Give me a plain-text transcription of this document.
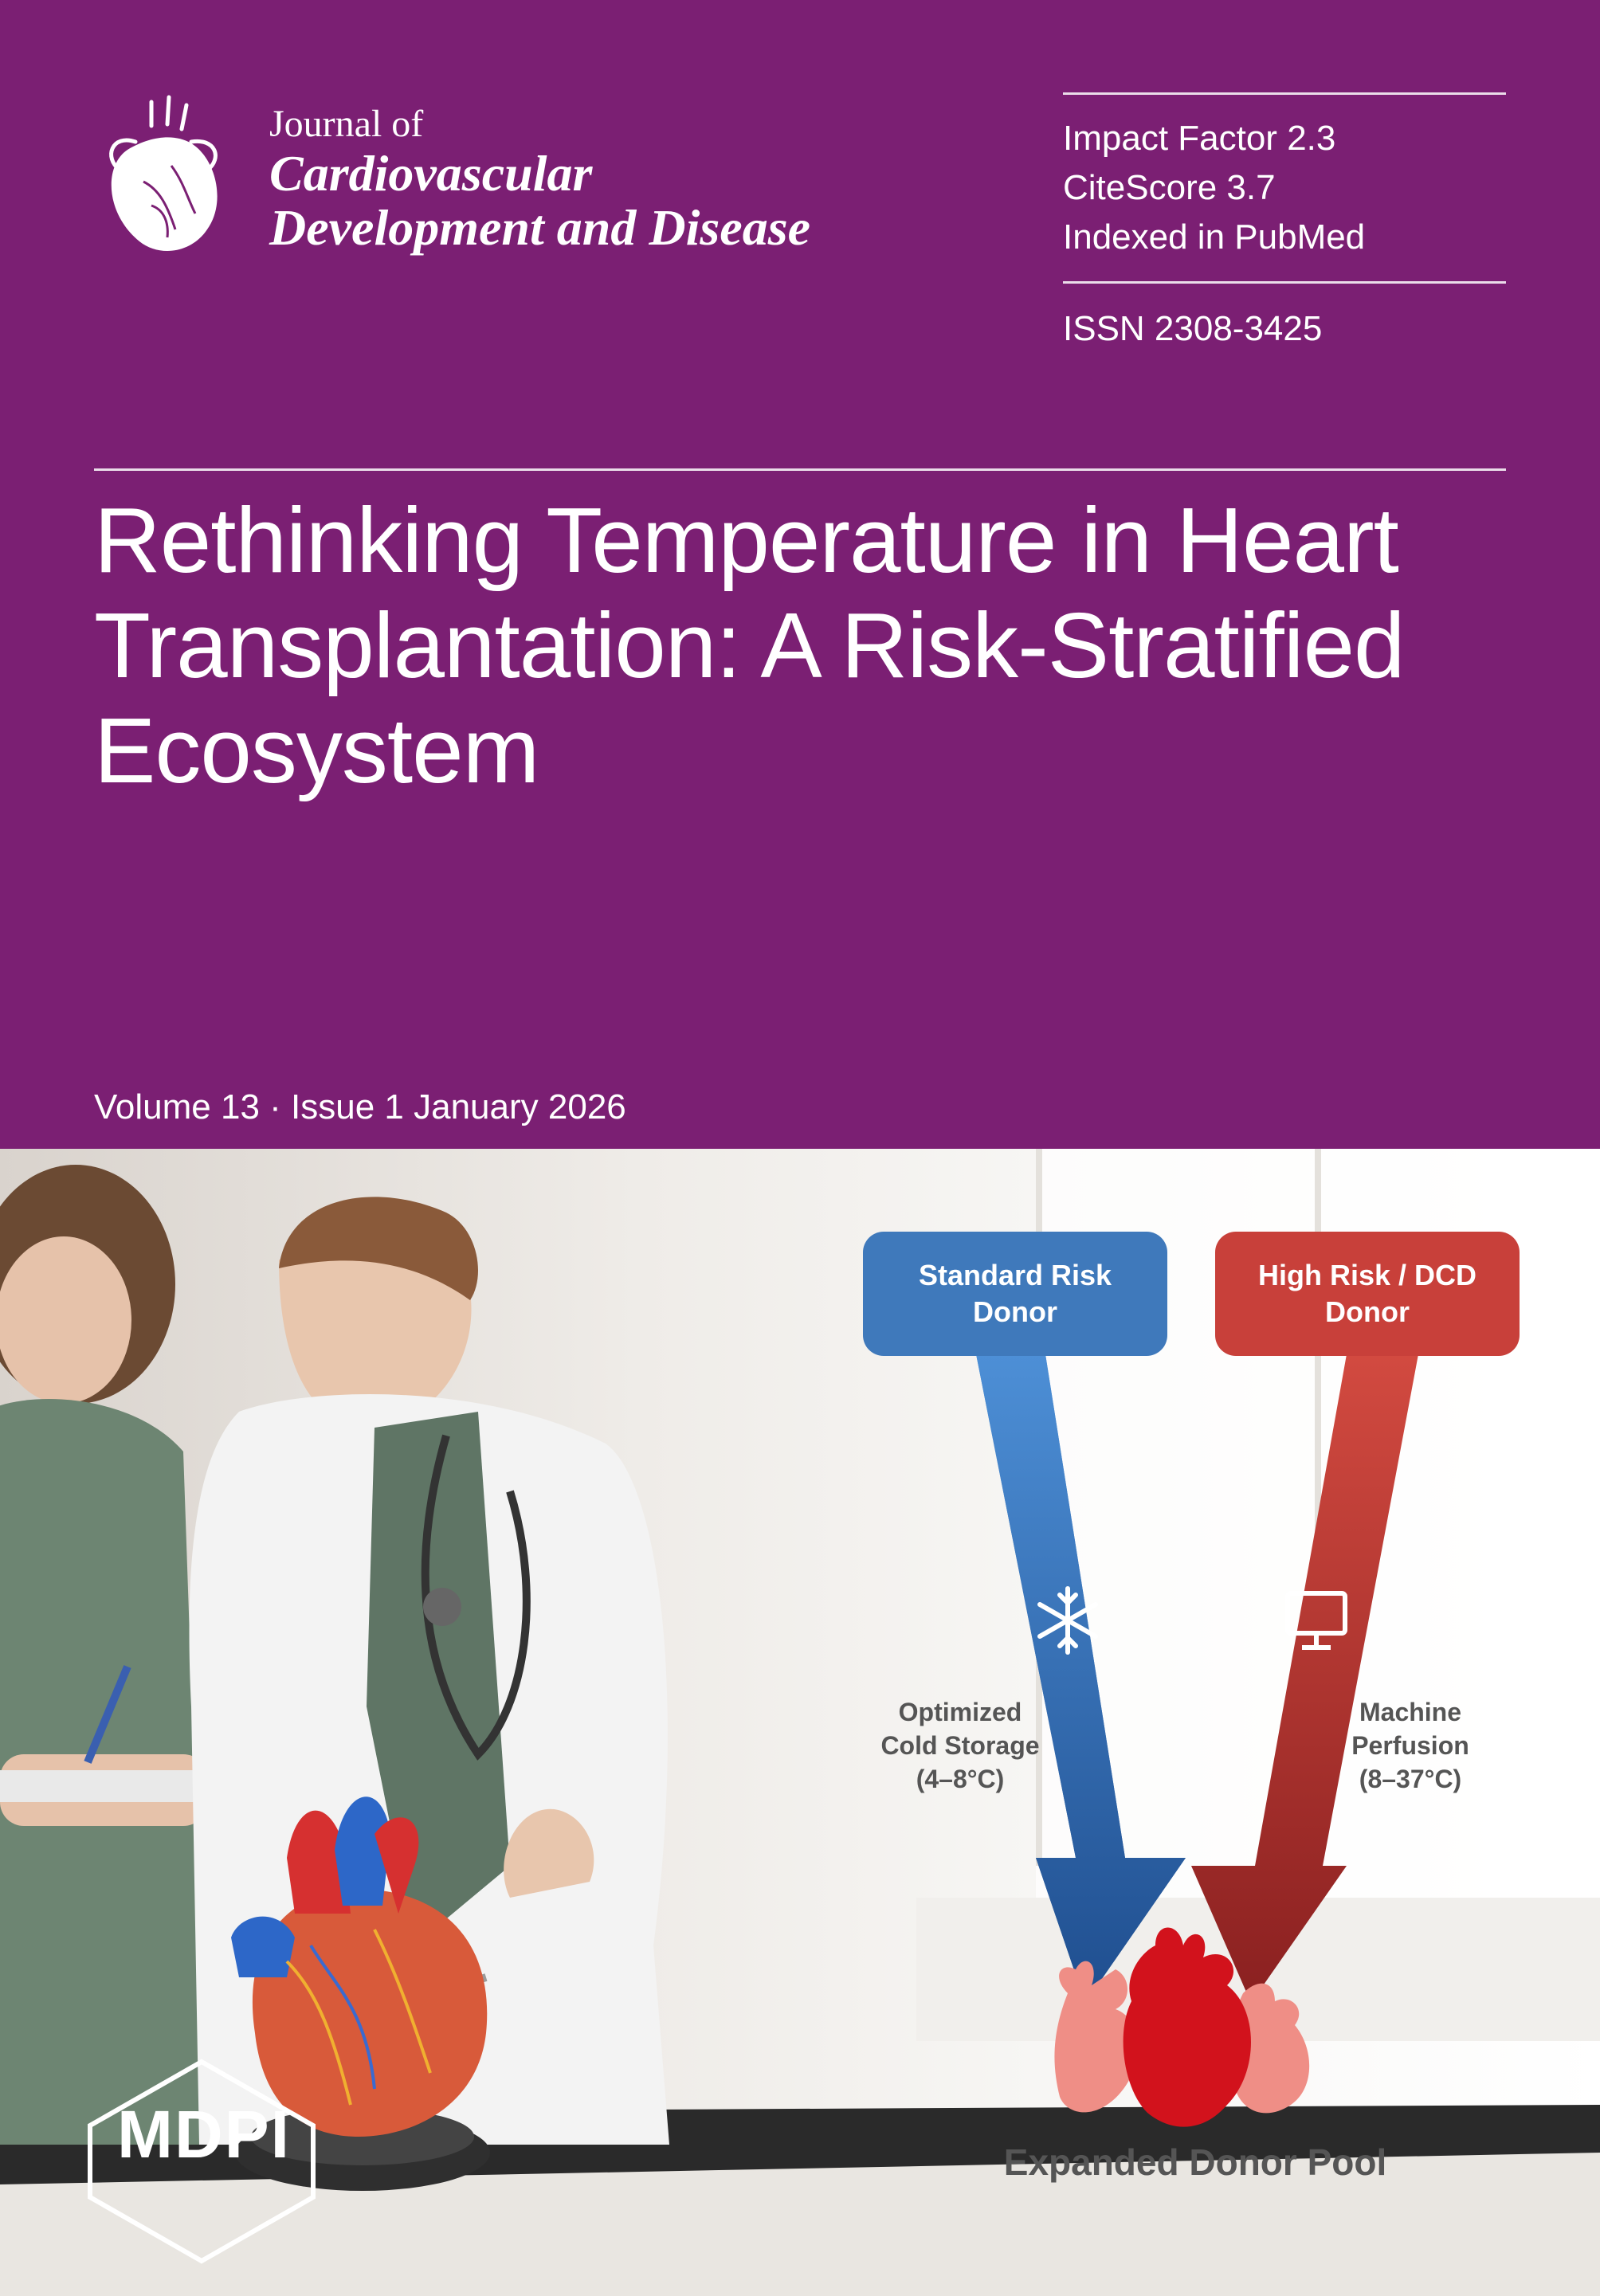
Journal of
Cardiovascular
Development and Disease
Impact Factor 2.3
CiteScore 3.7
Indexed in PubMed
ISSN 2308-3425
Rethinking Temperature in Heart
Transplantation: A Risk-Stratified
Ecosystem
Volume 13 · Issue 1 January 2026
Standard Risk
Donor
High Risk / DCD
Donor
Optimized
Cold Storage
(4–8°C)
Machine
Perfusion
(8–37°C)
Expanded Donor Pool
MDPI
